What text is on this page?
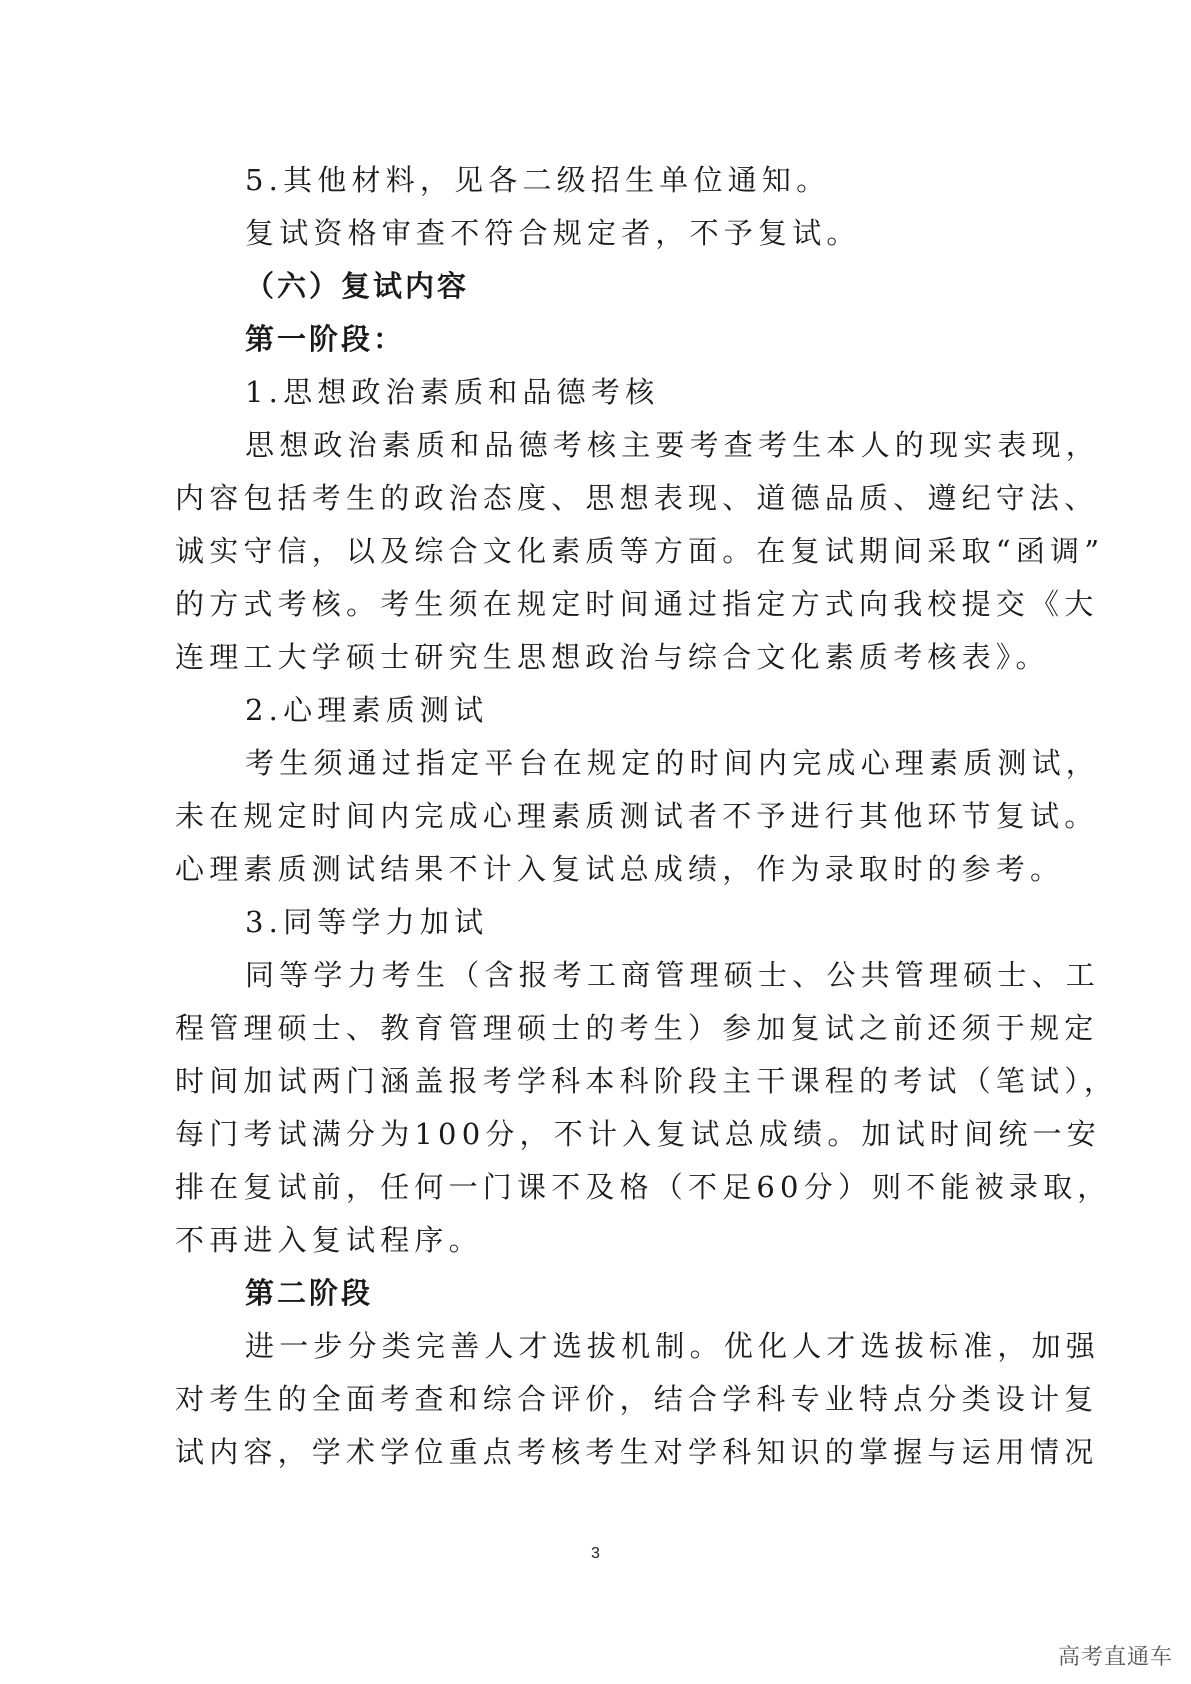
5.其他材料，见各二级招生单位通知。
复试资格审查不符合规定者，不予复试。
（六）复试内容
第一阶段：
1.思想政治素质和品德考核
思想政治素质和品德考核主要考查考生本人的现实表现，
内容包括考生的政治态度、思想表现、道德品质、遵纪守法、
诚实守信，以及综合文化素质等方面。在复试期间采取“函调”
的方式考核。考生须在规定时间通过指定方式向我校提交《大
连理工大学硕士研究生思想政治与综合文化素质考核表》。
2.心理素质测试
考生须通过指定平台在规定的时间内完成心理素质测试，
未在规定时间内完成心理素质测试者不予进行其他环节复试。
心理素质测试结果不计入复试总成绩，作为录取时的参考。
3.同等学力加试
同等学力考生（含报考工商管理硕士、公共管理硕士、工
程管理硕士、教育管理硕士的考生）参加复试之前还须于规定
时间加试两门涵盖报考学科本科阶段主干课程的考试（笔试），
每门考试满分为100分，不计入复试总成绩。加试时间统一安
排在复试前，任何一门课不及格（不足60分）则不能被录取，
不再进入复试程序。
第二阶段
进一步分类完善人才选拔机制。优化人才选拔标准，加强
对考生的全面考查和综合评价，结合学科专业特点分类设计复
试内容，学术学位重点考核考生对学科知识的掌握与运用情况
3
高考直通车
